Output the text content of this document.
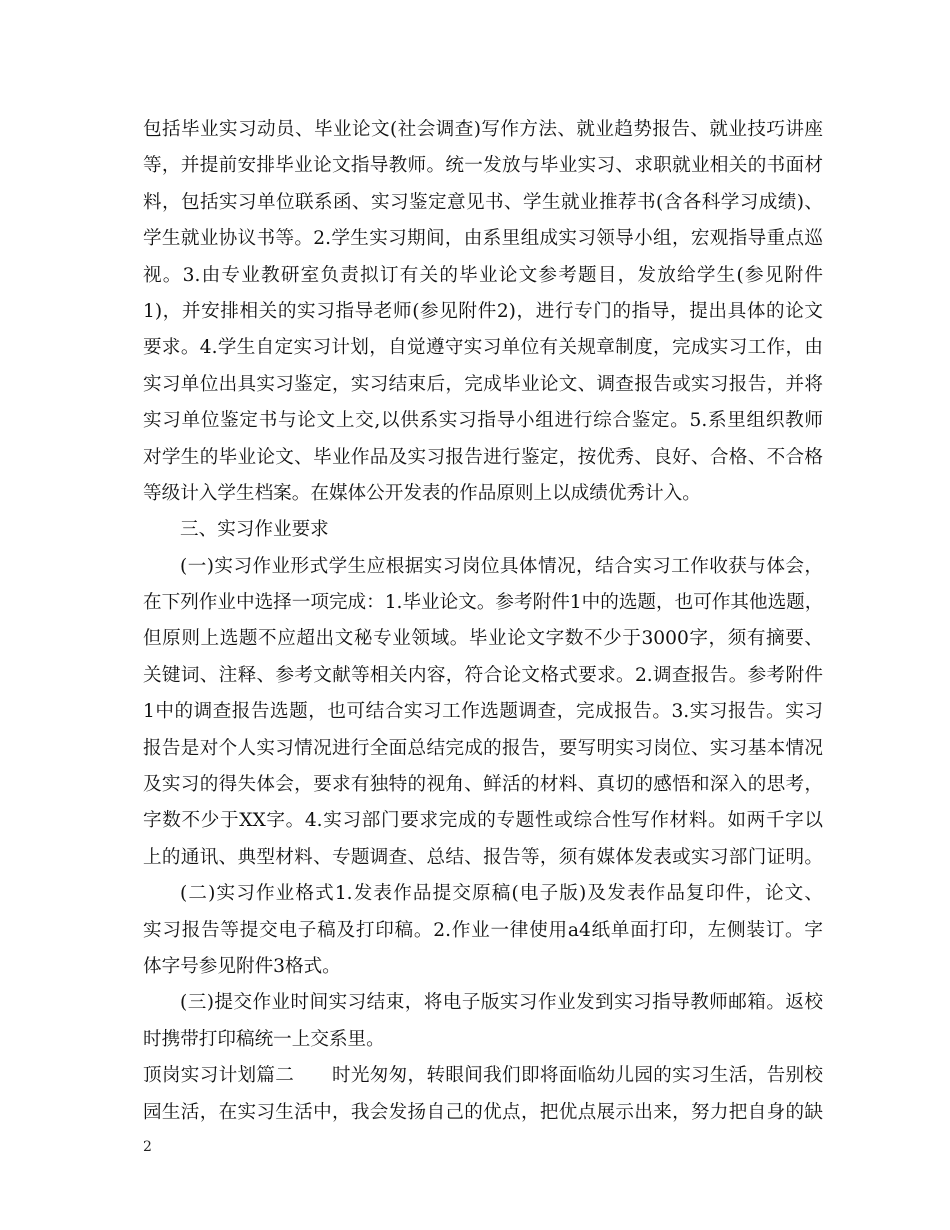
包括毕业实习动员、毕业论文(社会调查)写作方法、就业趋势报告、就业技巧讲座
等，并提前安排毕业论文指导教师。统一发放与毕业实习、求职就业相关的书面材
料，包括实习单位联系函、实习鉴定意见书、学生就业推荐书(含各科学习成绩)、
学生就业协议书等。2.学生实习期间，由系里组成实习领导小组，宏观指导重点巡
视。3.由专业教研室负责拟订有关的毕业论文参考题目，发放给学生(参见附件
1)，并安排相关的实习指导老师(参见附件2)，进行专门的指导，提出具体的论文
要求。4.学生自定实习计划，自觉遵守实习单位有关规章制度，完成实习工作，由
实习单位出具实习鉴定，实习结束后，完成毕业论文、调查报告或实习报告，并将
实习单位鉴定书与论文上交,以供系实习指导小组进行综合鉴定。5.系里组织教师
对学生的毕业论文、毕业作品及实习报告进行鉴定，按优秀、良好、合格、不合格
等级计入学生档案。在媒体公开发表的作品原则上以成绩优秀计入。
三、实习作业要求
(一)实习作业形式学生应根据实习岗位具体情况，结合实习工作收获与体会，
在下列作业中选择一项完成：1.毕业论文。参考附件1中的选题，也可作其他选题，
但原则上选题不应超出文秘专业领域。毕业论文字数不少于3000字，须有摘要、
关键词、注释、参考文献等相关内容，符合论文格式要求。2.调查报告。参考附件
1中的调查报告选题，也可结合实习工作选题调查，完成报告。3.实习报告。实习
报告是对个人实习情况进行全面总结完成的报告，要写明实习岗位、实习基本情况
及实习的得失体会，要求有独特的视角、鲜活的材料、真切的感悟和深入的思考，
字数不少于XX字。4.实习部门要求完成的专题性或综合性写作材料。如两千字以
上的通讯、典型材料、专题调查、总结、报告等，须有媒体发表或实习部门证明。
(二)实习作业格式1.发表作品提交原稿(电子版)及发表作品复印件，论文、
实习报告等提交电子稿及打印稿。2.作业一律使用a4纸单面打印，左侧装订。字
体字号参见附件3格式。
(三)提交作业时间实习结束，将电子版实习作业发到实习指导教师邮箱。返校
时携带打印稿统一上交系里。
顶岗实习计划篇二　　时光匆匆，转眼间我们即将面临幼儿园的实习生活，告别校
园生活，在实习生活中，我会发扬自己的优点，把优点展示出来，努力把自身的缺
2
